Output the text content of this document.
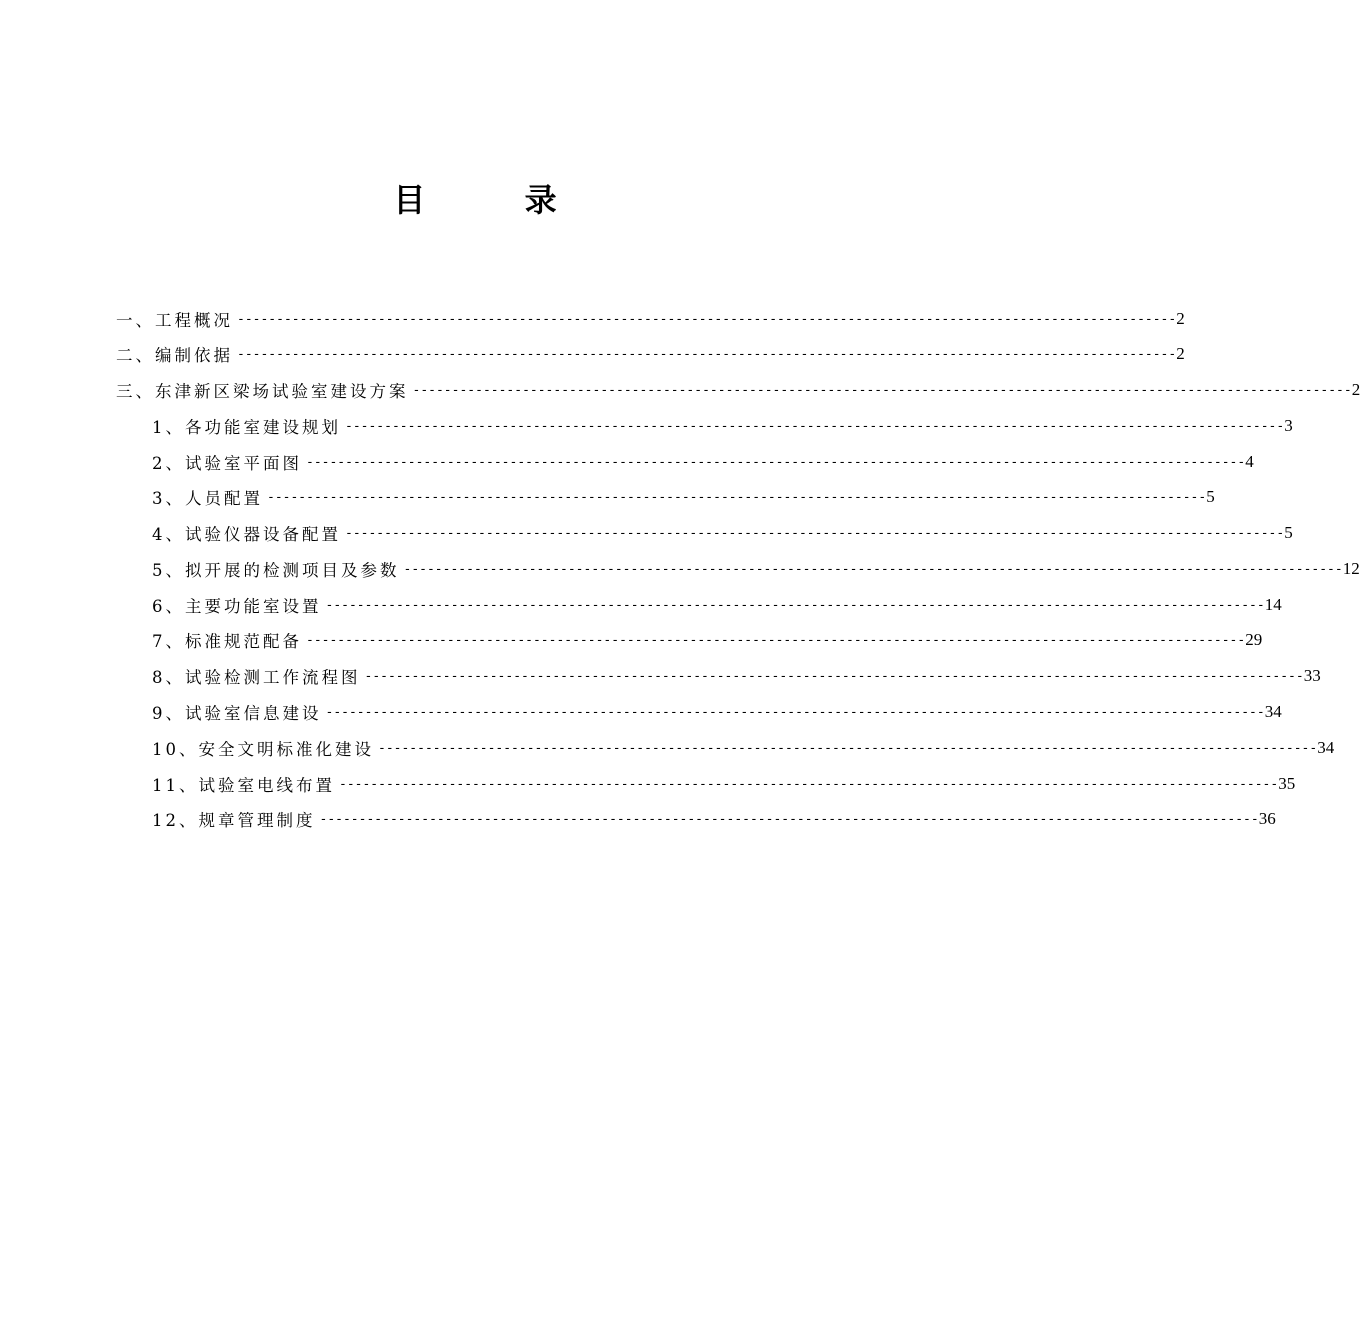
目 录
一、工程概况 ------------------------------------------------------------------------------------------------------------------------ 2
二、编制依据 ------------------------------------------------------------------------------------------------------------------------ 2
三、东津新区梁场试验室建设方案 ------------------------------------------------------------------------------------------------------------------------ 2
1、各功能室建设规划 ------------------------------------------------------------------------------------------------------------------------ 3
2、试验室平面图 ------------------------------------------------------------------------------------------------------------------------ 4
3、人员配置 ------------------------------------------------------------------------------------------------------------------------ 5
4、试验仪器设备配置 ------------------------------------------------------------------------------------------------------------------------ 5
5、拟开展的检测项目及参数 ------------------------------------------------------------------------------------------------------------------------ 12
6、主要功能室设置 ------------------------------------------------------------------------------------------------------------------------ 14
7、标准规范配备 ------------------------------------------------------------------------------------------------------------------------ 29
8、试验检测工作流程图 ------------------------------------------------------------------------------------------------------------------------ 33
9、试验室信息建设 ------------------------------------------------------------------------------------------------------------------------ 34
10、安全文明标准化建设 ------------------------------------------------------------------------------------------------------------------------ 34
11、试验室电线布置 ------------------------------------------------------------------------------------------------------------------------ 35
12、规章管理制度 ------------------------------------------------------------------------------------------------------------------------ 36
